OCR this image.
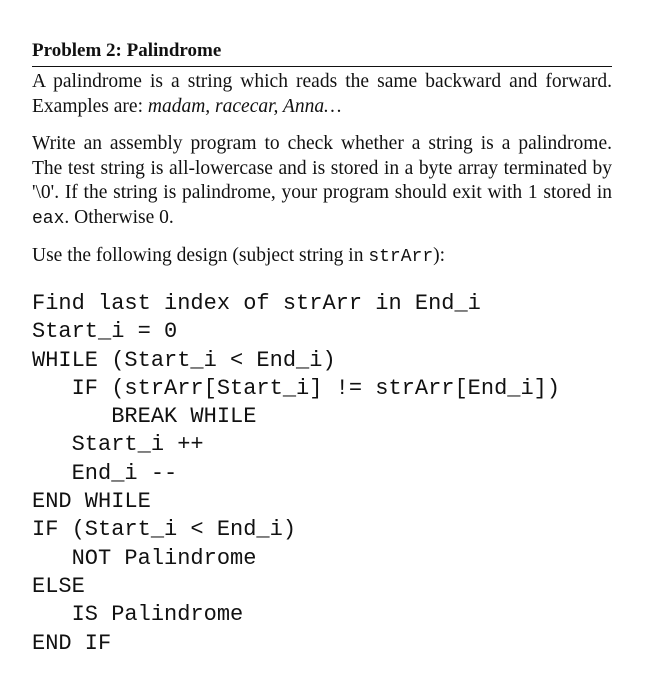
Problem 2: Palindrome

A palindrome is a string which reads the same backward and forward. Examples are: madam, racecar, Anna…

Write an assembly program to check whether a string is a palindrome. The test string is all-lowercase and is stored in a byte array terminated by '\0'. If the string is palindrome, your program should exit with 1 stored in eax. Otherwise 0.

Use the following design (subject string in strArr):

Find last index of strArr in End_i
Start_i = 0
WHILE (Start_i < End_i)
IF (strArr[Start_i] != strArr[End_i])
BREAK WHILE
Start_i ++
End_i --
END WHILE
IF (Start_i < End_i)
NOT Palindrome
ELSE
IS Palindrome
END IF
